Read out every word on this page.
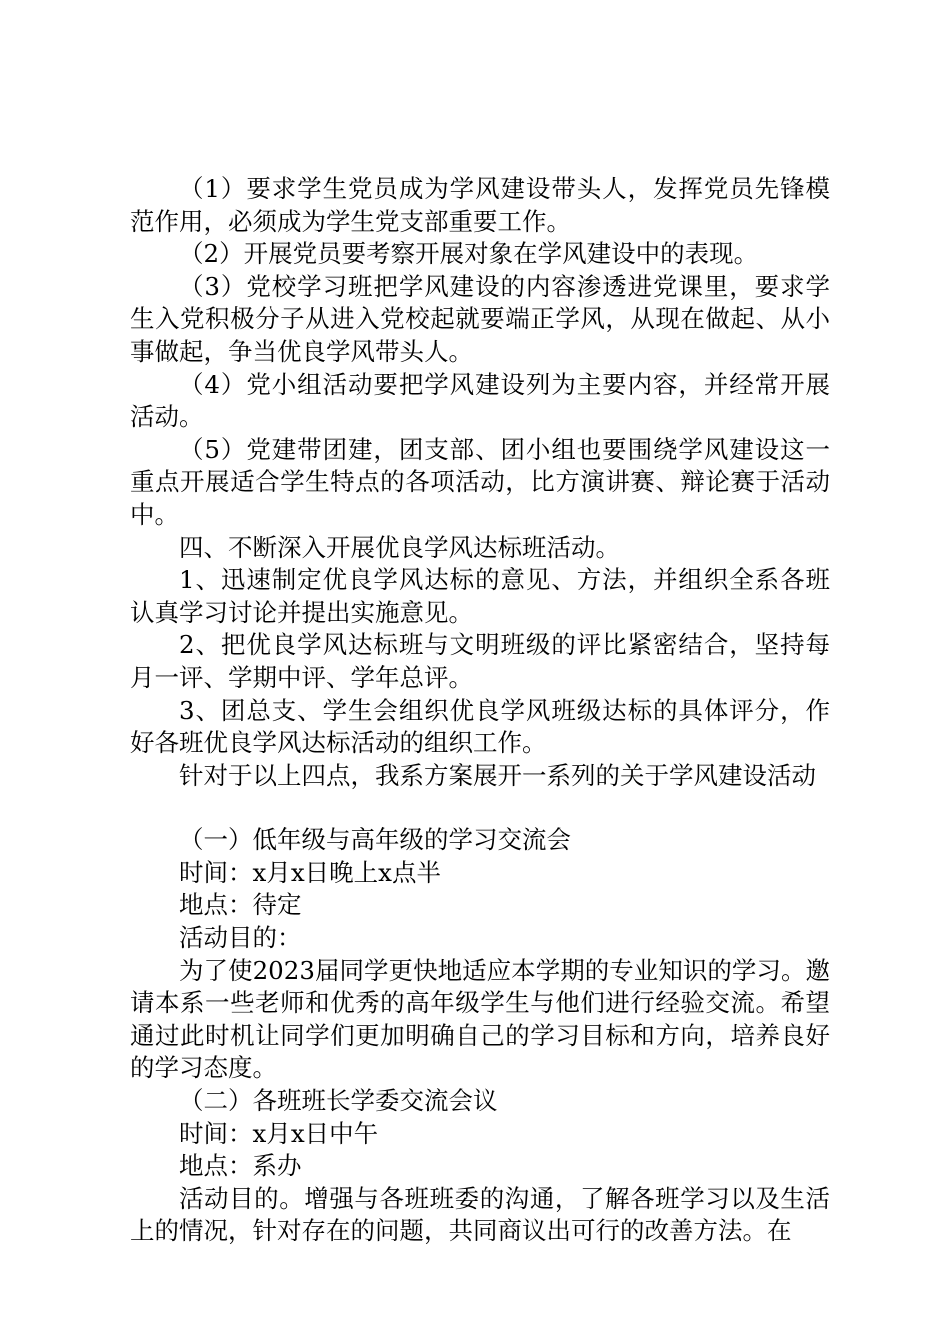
（1）要求学生党员成为学风建设带头人，发挥党员先锋模范作用，必须成为学生党支部重要工作。

（2）开展党员要考察开展对象在学风建设中的表现。

（3）党校学习班把学风建设的内容渗透进党课里，要求学生入党积极分子从进入党校起就要端正学风，从现在做起、从小事做起，争当优良学风带头人。

（4）党小组活动要把学风建设列为主要内容，并经常开展活动。

（5）党建带团建，团支部、团小组也要围绕学风建设这一重点开展适合学生特点的各项活动，比方演讲赛、辩论赛于活动中。

四、不断深入开展优良学风达标班活动。

1、迅速制定优良学风达标的意见、方法，并组织全系各班认真学习讨论并提出实施意见。

2、把优良学风达标班与文明班级的评比紧密结合，坚持每月一评、学期中评、学年总评。

3、团总支、学生会组织优良学风班级达标的具体评分，作好各班优良学风达标活动的组织工作。

针对于以上四点，我系方案展开一系列的关于学风建设活动

（一）低年级与高年级的学习交流会

时间：x月x日晚上x点半

地点：待定

活动目的：

为了使2023届同学更快地适应本学期的专业知识的学习。邀请本系一些老师和优秀的高年级学生与他们进行经验交流。希望通过此时机让同学们更加明确自己的学习目标和方向，培养良好的学习态度。

（二）各班班长学委交流会议

时间：x月x日中午

地点：系办

活动目的。增强与各班班委的沟通，了解各班学习以及生活上的情况，针对存在的问题，共同商议出可行的改善方法。在
